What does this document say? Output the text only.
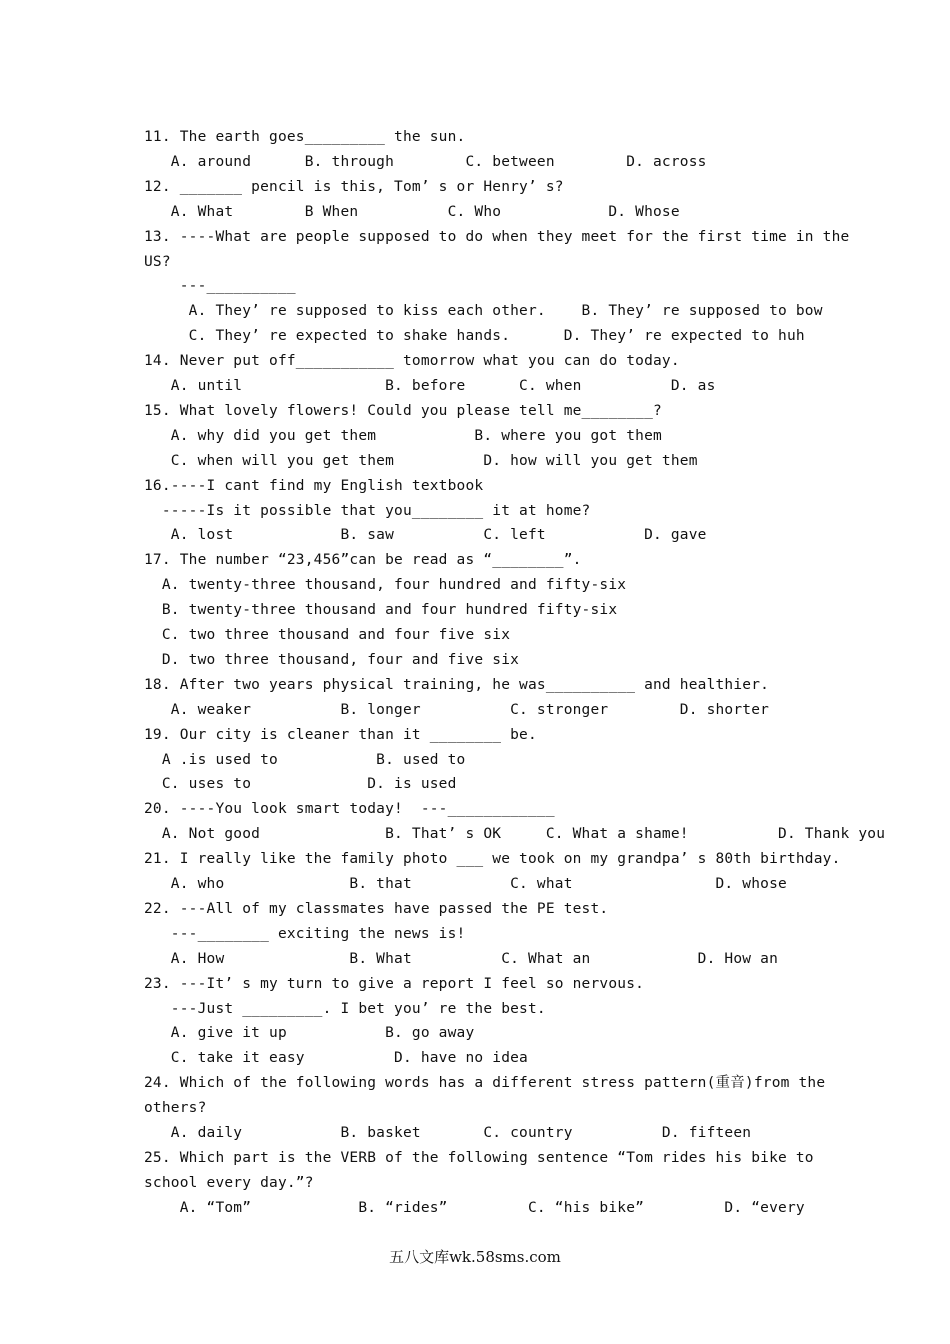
11. The earth goes_________ the sun.
A. around      B. through        C. between        D. across
12. _______ pencil is this, Tom’ s or Henry’ s?
A. What        B When          C. Who            D. Whose
13. ----What are people supposed to do when they meet for the first time in the
US?
---__________
A. They’ re supposed to kiss each other.    B. They’ re supposed to bow
C. They’ re expected to shake hands.      D. They’ re expected to huh
14. Never put off___________ tomorrow what you can do today.
A. until                B. before      C. when          D. as
15. What lovely flowers! Could you please tell me________?
A. why did you get them           B. where you got them
C. when will you get them          D. how will you get them
16.----I cant find my English textbook
-----Is it possible that you________ it at home?
A. lost            B. saw          C. left           D. gave
17. The number “23,456”can be read as “________”.
A. twenty-three thousand, four hundred and fifty-six
B. twenty-three thousand and four hundred fifty-six
C. two three thousand and four five six
D. two three thousand, four and five six
18. After two years physical training, he was__________ and healthier.
A. weaker          B. longer          C. stronger        D. shorter
19. Our city is cleaner than it ________ be.
A .is used to           B. used to
C. uses to             D. is used
20. ----You look smart today!  ---____________
A. Not good              B. That’ s OK     C. What a shame!          D. Thank you
21. I really like the family photo ___ we took on my grandpa’ s 80th birthday.
A. who              B. that           C. what                D. whose
22. ---All of my classmates have passed the PE test.
---________ exciting the news is!
A. How              B. What          C. What an            D. How an
23. ---It’ s my turn to give a report I feel so nervous.
---Just _________. I bet you’ re the best.
A. give it up           B. go away
C. take it easy          D. have no idea
24. Which of the following words has a different stress pattern(重音)from the
others?
A. daily           B. basket       C. country          D. fifteen
25. Which part is the VERB of the following sentence “Tom rides his bike to
school every day.”?
A. “Tom”            B. “rides”         C. “his bike”         D. “every
五八文库wk.58sms.com
